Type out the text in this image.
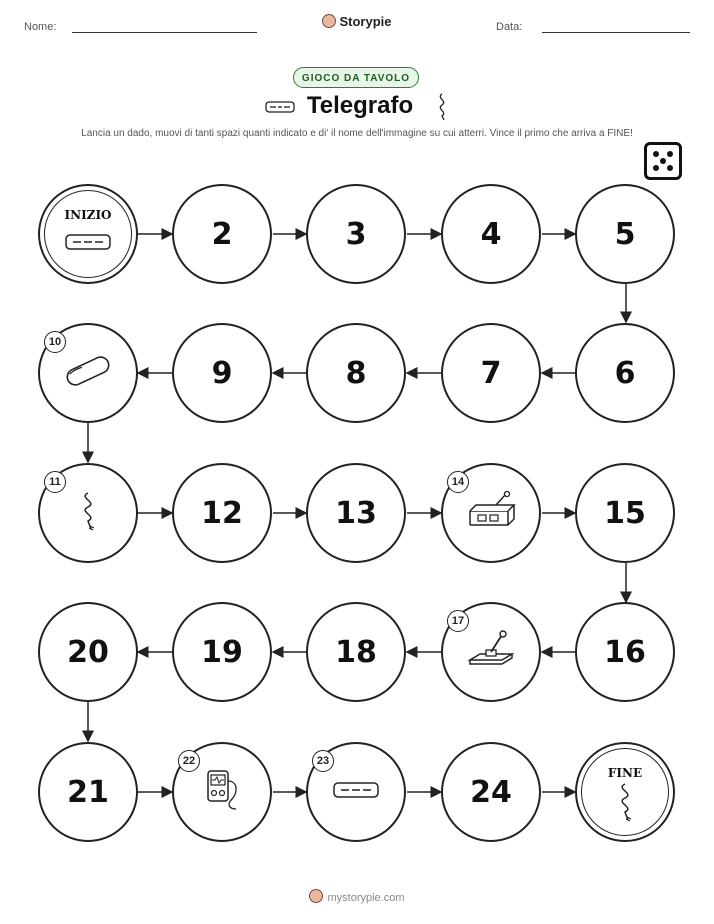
Nome:	Data:
Storypie
GIOCO DA TAVOLO
Telegrafo
Lancia un dado, muovi di tanti spazi quanti indicato e di' il nome dell'immagine su cui atterri. Vince il primo che arriva a FINE!
INIZIO
2	3	4	5
6
7
8
9
10
11
12	13
14
15
16
17
18
19
20
21
22	23
24
FINE
mystorypie.com
